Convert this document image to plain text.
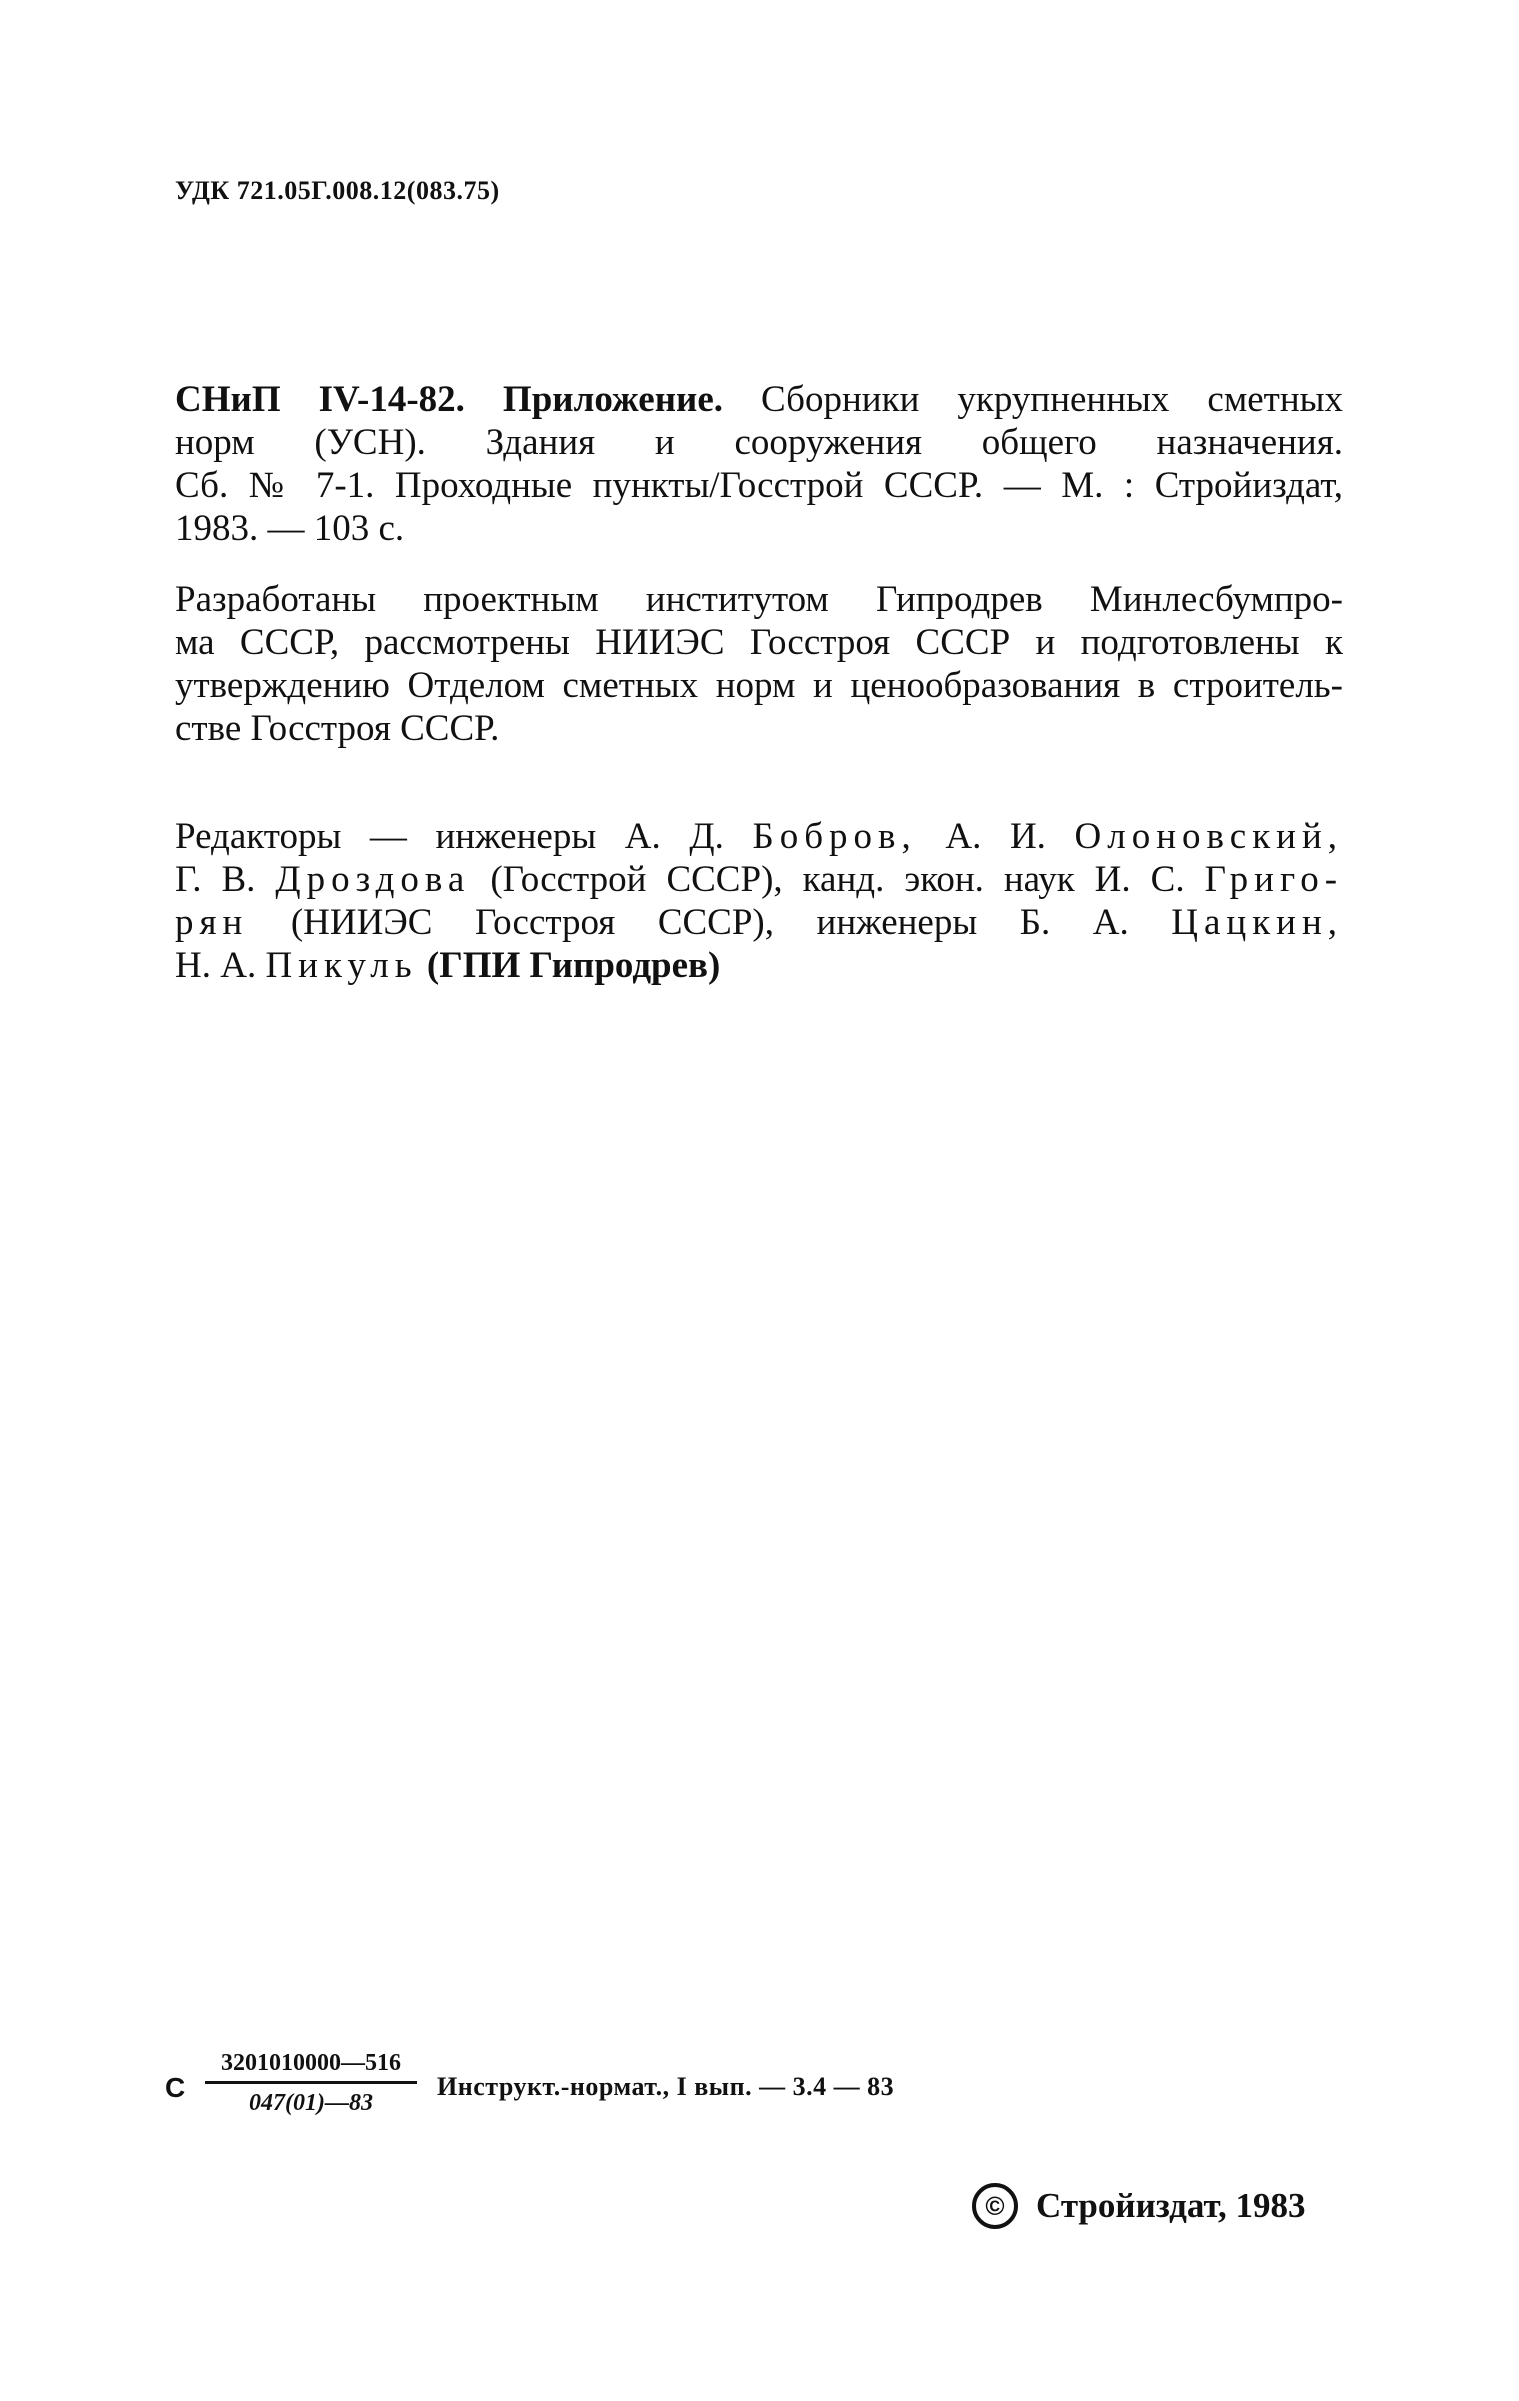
УДК 721.05Г.008.12(083.75)
СНиП IV-14-82. Приложение. Сборники укрупненных сметных
норм (УСН). Здания и сооружения общего назначения.
Сб. № 7-1. Проходные пункты/Госстрой СССР. — М. : Стройиздат,
1983. — 103 с.
Разработаны проектным институтом Гипродрев Минлесбумпро-
ма СССР, рассмотрены НИИЭС Госстроя СССР и подготовлены к
утверждению Отделом сметных норм и ценообразования в строитель-
стве Госстроя СССР.
Редакторы — инженеры А. Д. Бобров, А. И. Олоновский,
Г. В. Дроздова (Госстрой СССР), канд. экон. наук И. С. Григо-
рян (НИИЭС Госстроя СССР), инженеры Б. А. Цацкин,
Н. А. Пикуль (ГПИ Гипродрев)
С
3201010000—516
047(01)—83
Инструкт.-нормат., I вып. — 3.4 — 83
© Стройиздат, 1983
